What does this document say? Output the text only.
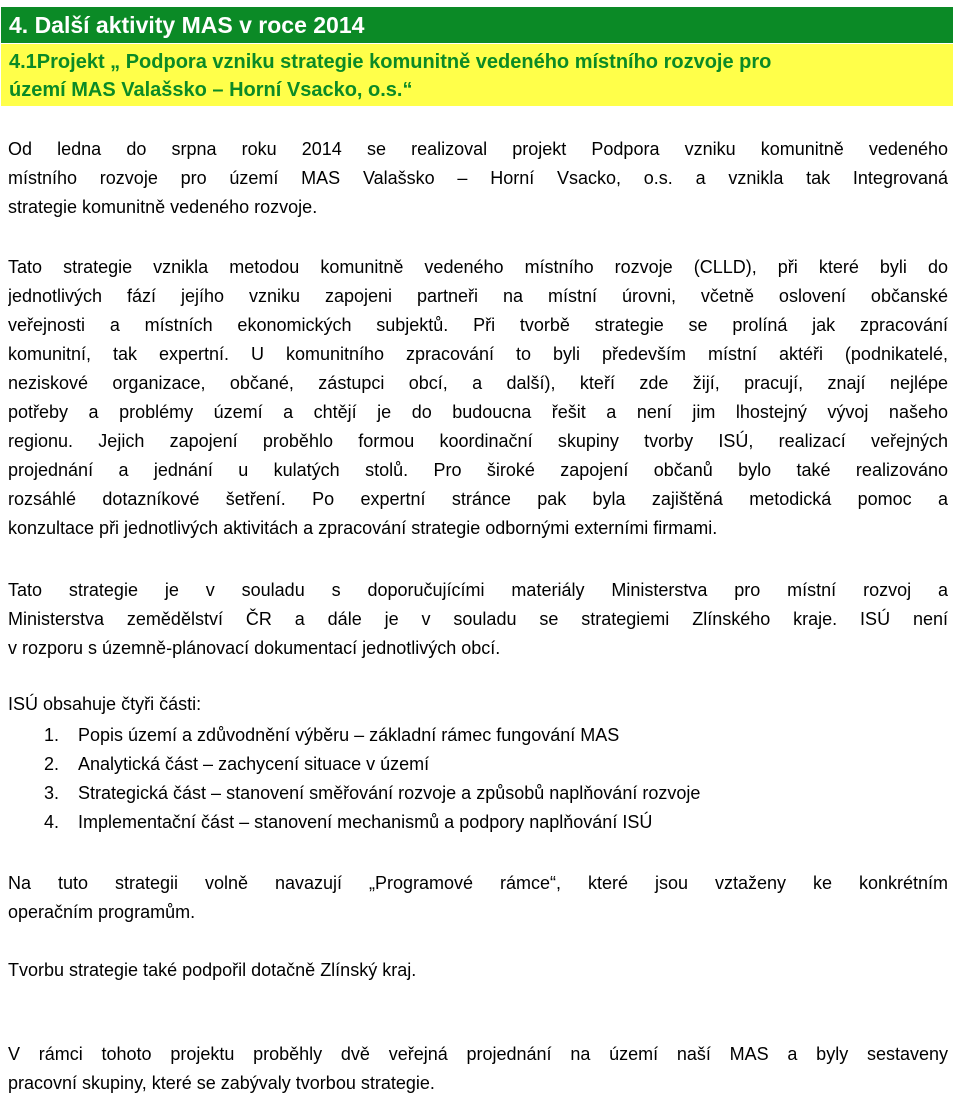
4. Další aktivity MAS v roce 2014
4.1Projekt „ Podpora vzniku strategie komunitně vedeného místního rozvoje pro
území MAS Valašsko – Horní Vsacko, o.s.“
Od ledna do srpna roku 2014 se realizoval projekt Podpora vzniku komunitně vedeného
místního rozvoje pro území MAS Valašsko – Horní Vsacko, o.s. a vznikla tak Integrovaná
strategie komunitně vedeného rozvoje.
Tato strategie vznikla metodou komunitně vedeného místního rozvoje (CLLD), při které byli do
jednotlivých fází jejího vzniku zapojeni partneři na místní úrovni, včetně oslovení občanské
veřejnosti a místních ekonomických subjektů. Při tvorbě strategie se prolíná jak zpracování
komunitní, tak expertní. U komunitního zpracování to byli především místní aktéři (podnikatelé,
neziskové organizace, občané, zástupci obcí, a další), kteří zde žijí, pracují, znají nejlépe
potřeby a problémy území a chtějí je do budoucna řešit a není jim lhostejný vývoj našeho
regionu. Jejich zapojení proběhlo formou koordinační skupiny tvorby ISÚ, realizací veřejných
projednání a jednání u kulatých stolů. Pro široké zapojení občanů bylo také realizováno
rozsáhlé dotazníkové šetření. Po expertní stránce pak byla zajištěná metodická pomoc a
konzultace při jednotlivých aktivitách a zpracování strategie odbornými externími firmami.
Tato strategie je v souladu s doporučujícími materiály Ministerstva pro místní rozvoj a
Ministerstva zemědělství ČR a dále je v souladu se strategiemi Zlínského kraje. ISÚ není
v rozporu s územně-plánovací dokumentací jednotlivých obcí.
ISÚ obsahuje čtyři části:
1.	Popis území a zdůvodnění výběru – základní rámec fungování MAS
2.	Analytická část – zachycení situace v území
3.	Strategická část – stanovení směřování rozvoje a způsobů naplňování rozvoje
4.	Implementační část – stanovení mechanismů a podpory naplňování ISÚ
Na tuto strategii volně navazují „Programové rámce“, které jsou vztaženy ke konkrétním
operačním programům.
Tvorbu strategie také podpořil dotačně Zlínský kraj.
V rámci tohoto projektu proběhly dvě veřejná projednání na území naší MAS a byly sestaveny
pracovní skupiny, které se zabývaly tvorbou strategie.
